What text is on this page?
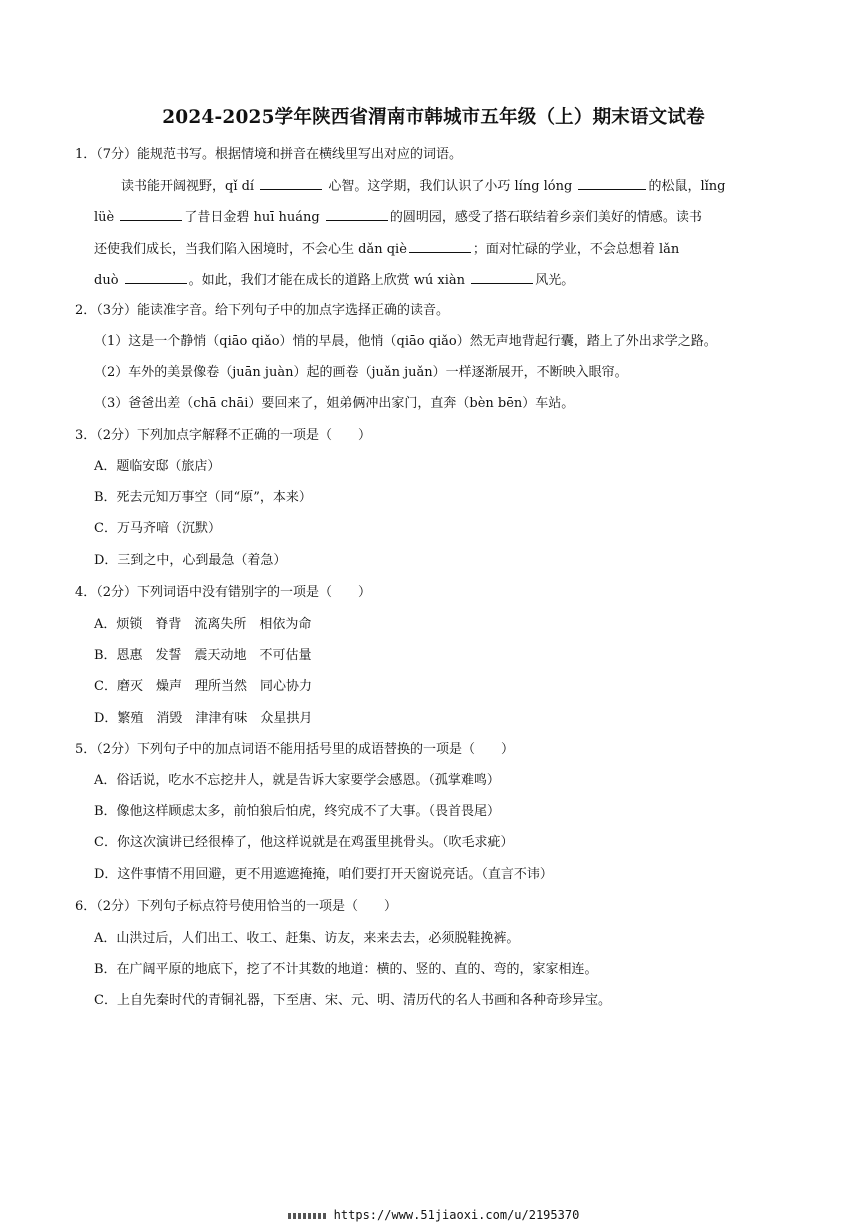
2024-2025学年陕西省渭南市韩城市五年级（上）期末语文试卷
1．（7分）能规范书写。根据情境和拼音在横线里写出对应的词语。
读书能开阔视野，qǐ dí	心智。这学期，我们认识了小巧 líng lóng	的松鼠，lǐng
lüè	了昔日金碧 huī huáng	的圆明园，感受了搭石联结着乡亲们美好的情感。读书
还使我们成长，当我们陷入困境时，不会心生 dǎn qiè	；面对忙碌的学业，不会总想着 lǎn
duò	。如此，我们才能在成长的道路上欣赏 wú xiàn	风光。
2．（3分）能读准字音。给下列句子中的加点字选择正确的读音。
（1）这是一个静悄（qiāo qiǎo）悄的早晨，他悄（qiāo qiǎo）然无声地背起行囊，踏上了外出求学之路。
（2）车外的美景像卷（juān juàn）起的画卷（juǎn juǎn）一样逐渐展开，不断映入眼帘。
（3）爸爸出差（chā chāi）要回来了，姐弟俩冲出家门，直奔（bèn bēn）车站。
3．（2分）下列加点字解释不正确的一项是（　　）
A．题临安邸（旅店）
B．死去元知万事空（同“原”，本来）
C．万马齐喑（沉默）
D．三到之中，心到最急（着急）
4．（2分）下列词语中没有错别字的一项是（　　）
A．烦锁　脊背　流离失所　相依为命
B．恩惠　发誓　震天动地　不可估量
C．磨灭　燥声　理所当然　同心协力
D．繁殖　消毁　津津有味　众星拱月
5．（2分）下列句子中的加点词语不能用括号里的成语替换的一项是（　　）
A．俗话说，吃水不忘挖井人，就是告诉大家要学会感恩。（孤掌难鸣）
B．像他这样顾虑太多，前怕狼后怕虎，终究成不了大事。（畏首畏尾）
C．你这次演讲已经很棒了，他这样说就是在鸡蛋里挑骨头。（吹毛求疵）
D．这件事情不用回避，更不用遮遮掩掩，咱们要打开天窗说亮话。（直言不讳）
6．（2分）下列句子标点符号使用恰当的一项是（　　）
A．山洪过后，人们出工、收工、赶集、访友，来来去去，必须脱鞋挽裤。
B．在广阔平原的地底下，挖了不计其数的地道：横的、竖的、直的、弯的，家家相连。
C．上自先秦时代的青铜礼器，下至唐、宋、元、明、清历代的名人书画和各种奇珍异宝。
https://www.51jiaoxi.com/u/2195370
